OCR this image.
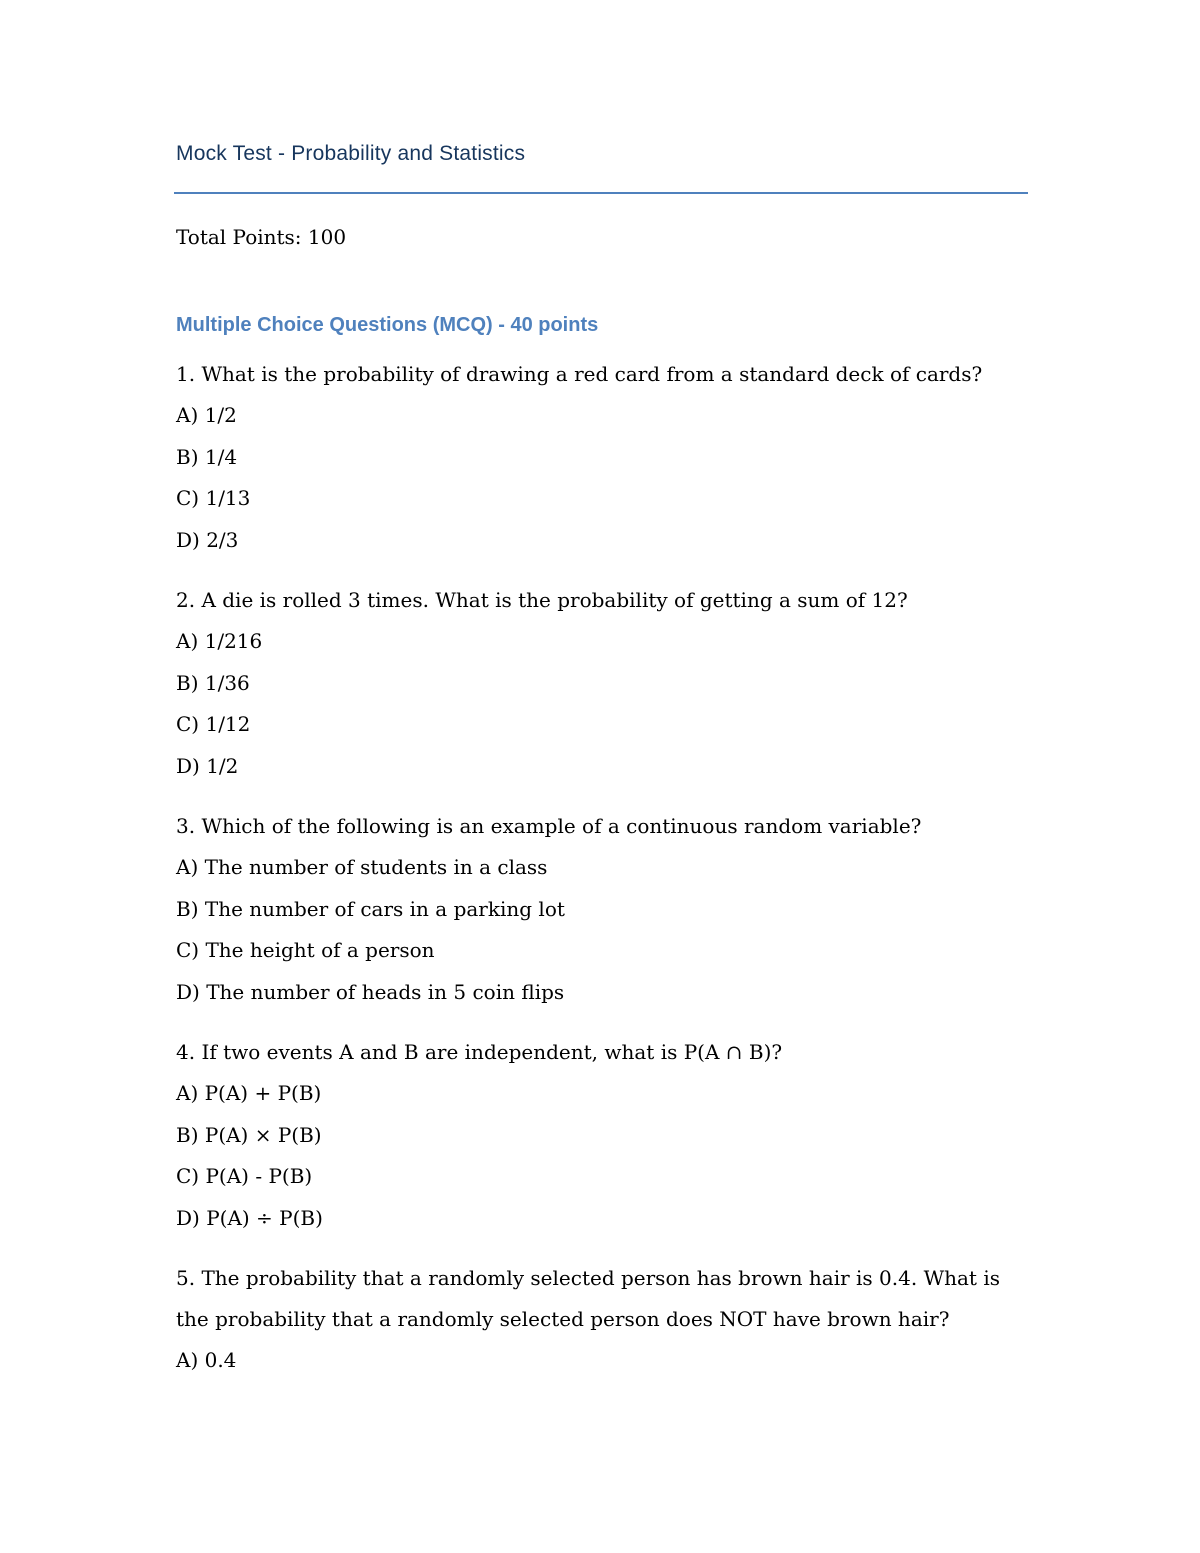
Mock Test - Probability and Statistics
Total Points: 100
Multiple Choice Questions (MCQ) - 40 points

1. What is the probability of drawing a red card from a standard deck of cards?

A) 1/2

B) 1/4

C) 1/13

D) 2/3

2. A die is rolled 3 times. What is the probability of getting a sum of 12?

A) 1/216

B) 1/36

C) 1/12

D) 1/2

3. Which of the following is an example of a continuous random variable?

A) The number of students in a class

B) The number of cars in a parking lot

C) The height of a person

D) The number of heads in 5 coin flips

4. If two events A and B are independent, what is P(A ∩ B)?

A) P(A) + P(B)

B) P(A) × P(B)

C) P(A) - P(B)

D) P(A) ÷ P(B)

5. The probability that a randomly selected person has brown hair is 0.4. What is the probability that a randomly selected person does NOT have brown hair?

A) 0.4
